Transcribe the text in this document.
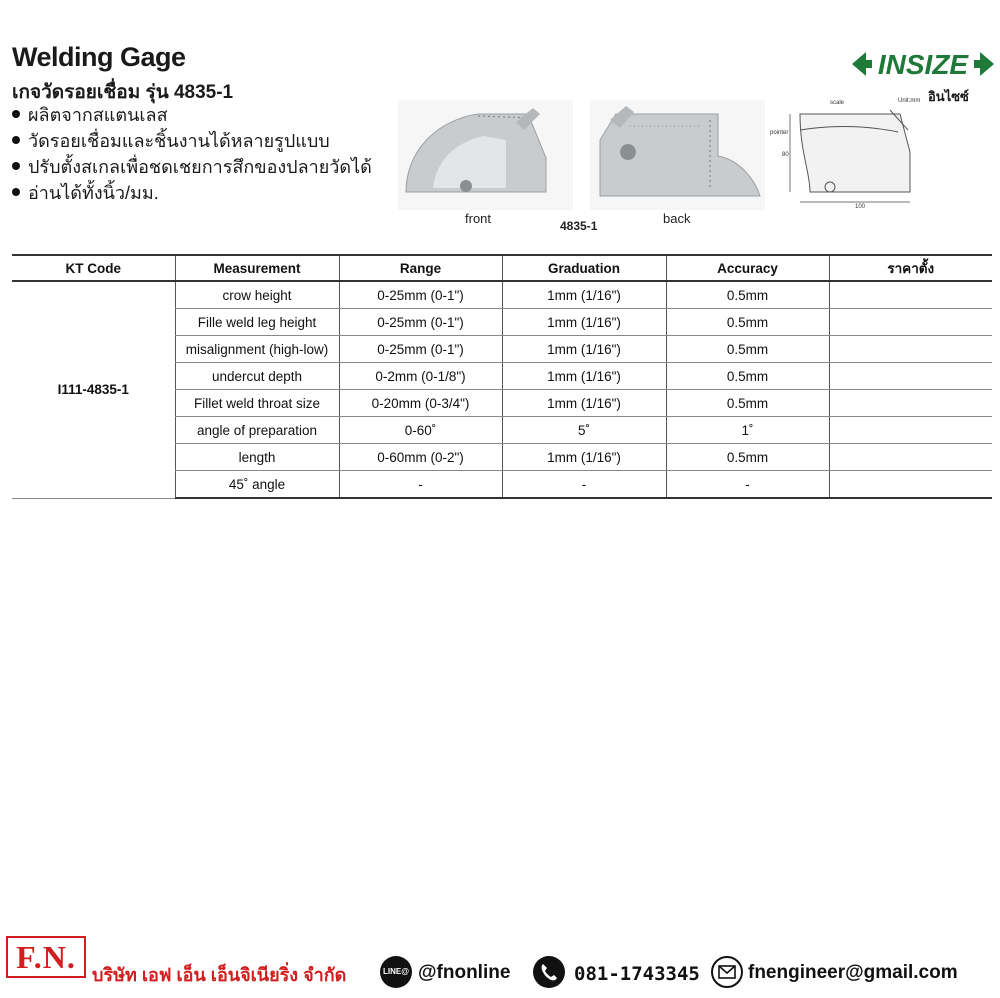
Welding Gage
เกจวัดรอยเชื่อม รุ่น 4835-1
ผลิตจากสแตนเลส
วัดรอยเชื่อมและชิ้นงานได้หลายรูปแบบ
ปรับตั้งสเกลเพื่อชดเชยการสึกของปลายวัดได้
อ่านได้ทั้งนิ้ว/มม.
INSIZE
อินไซซ์
front	back
4835-1
scale	Unit:mm
pointer
100
80
KT Code	Measurement	Range	Graduation	Accuracy	ราคาตั้ง
I111-4835-1	crow height	0-25mm (0-1")	1mm (1/16")	0.5mm	
	Fille weld leg height	0-25mm (0-1")	1mm (1/16")	0.5mm	
	misalignment (high-low)	0-25mm (0-1")	1mm (1/16")	0.5mm	
	undercut depth	0-2mm (0-1/8")	1mm (1/16")	0.5mm	
	Fillet weld throat size	0-20mm (0-3/4")	1mm (1/16")	0.5mm	
	angle of preparation	0-60˚	5˚	1˚	
	length	0-60mm (0-2")	1mm (1/16")	0.5mm	
	45˚ angle	-	-	-	
F.N. บริษัท เอฟ เอ็น เอ็นจิเนียริ่ง จำกัด	LINE@ @fnonline	081-1743345	fnengineer@gmail.com
